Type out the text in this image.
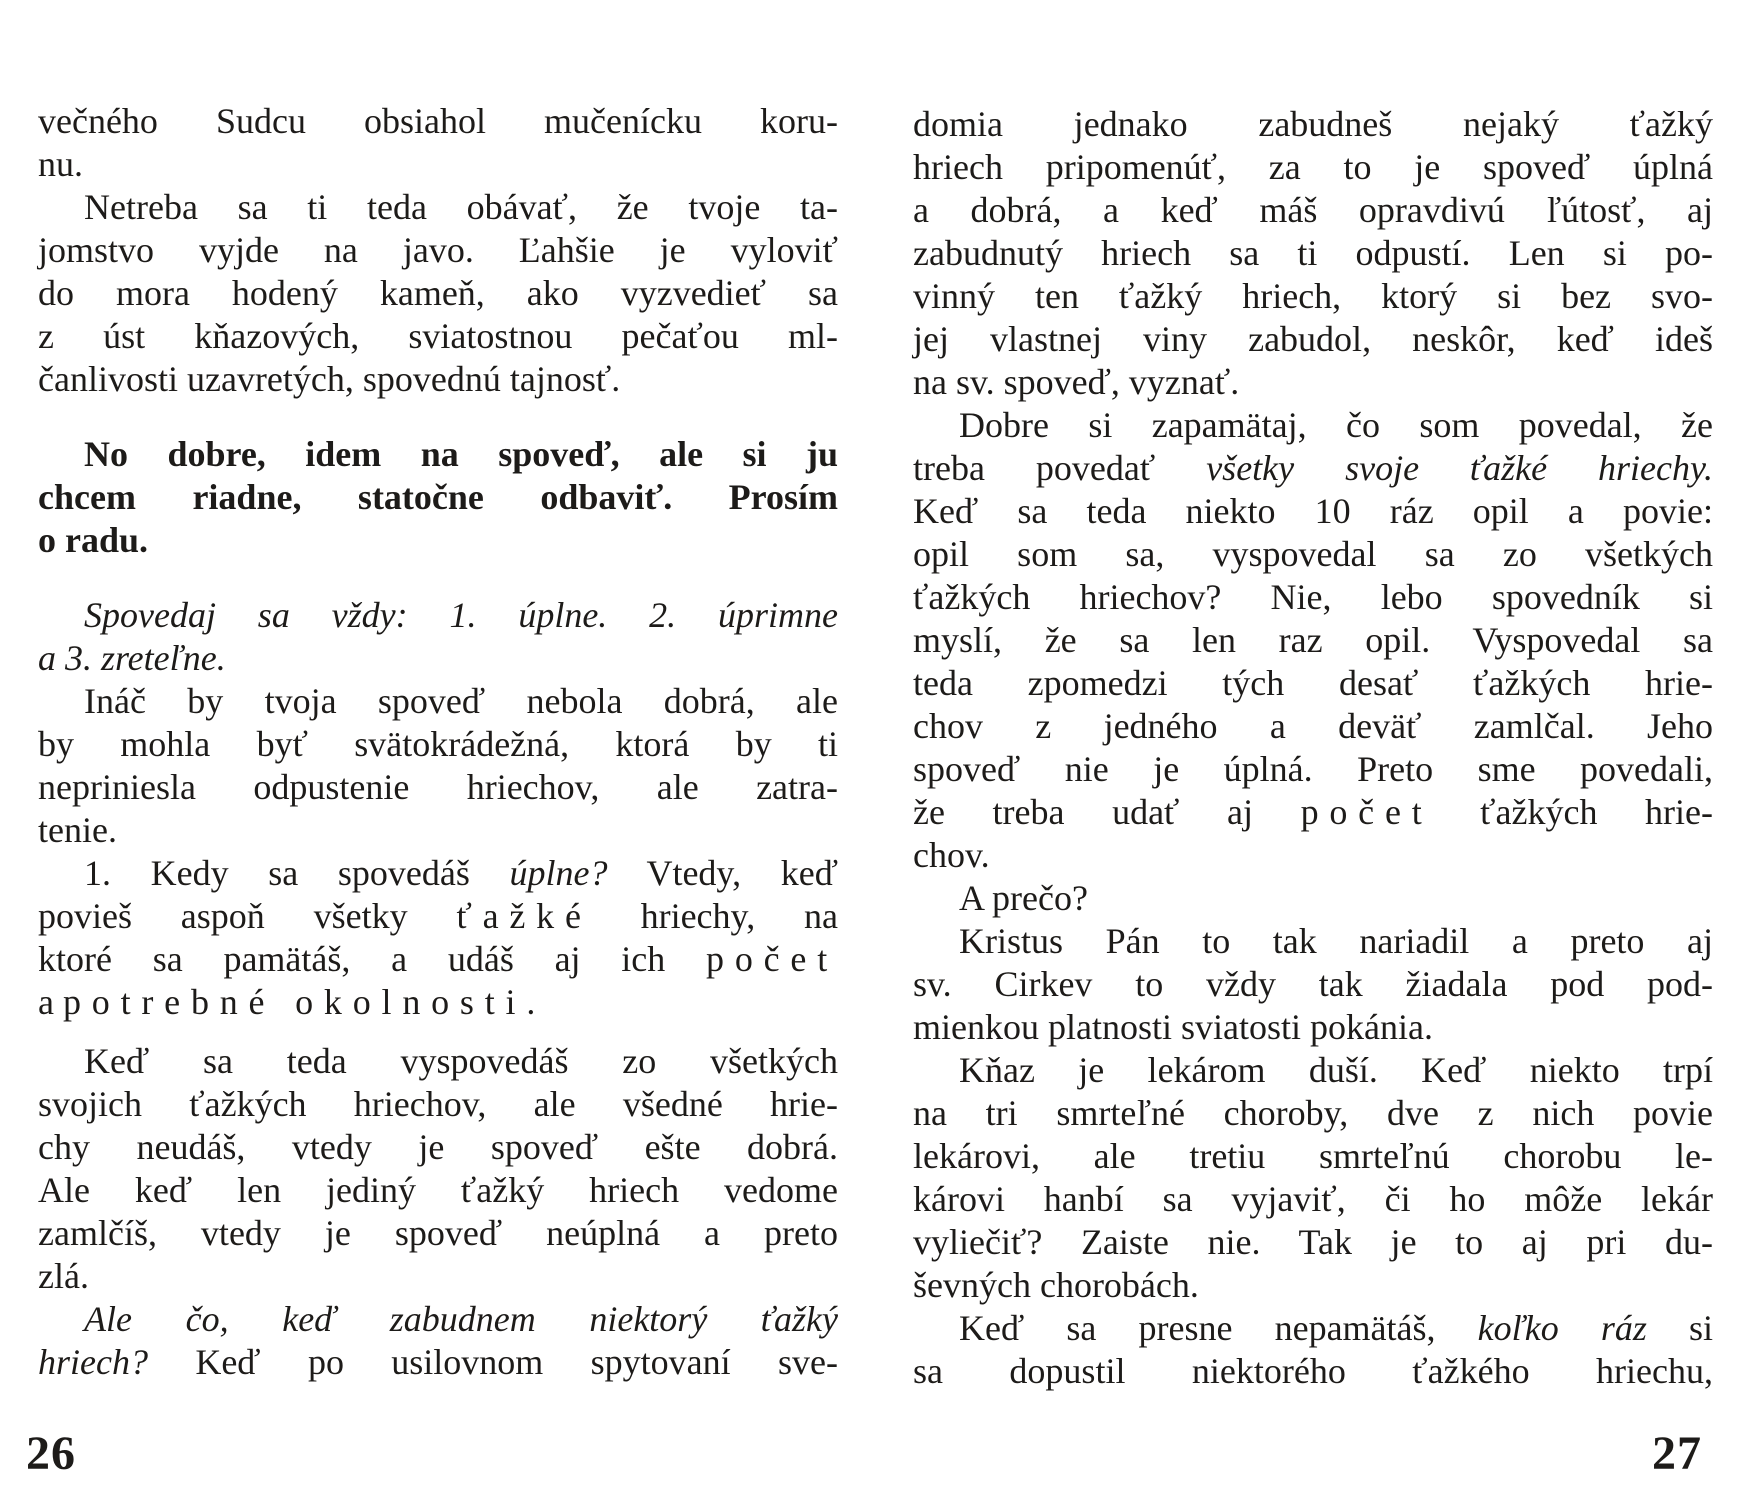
večného Sudcu obsiahol mučenícku koru-
nu.
Netreba sa ti teda obávať, že tvoje ta-
jomstvo vyjde na javo. Ľahšie je vyloviť
do mora hodený kameň, ako vyzvedieť sa
z úst kňazových, sviatostnou pečaťou ml-
čanlivosti uzavretých, spovednú tajnosť.
No dobre, idem na spoveď, ale si ju
chcem riadne, statočne odbaviť. Prosím
o radu.
Spovedaj sa vždy: 1. úplne. 2. úprimne
a 3. zreteľne.
Ináč by tvoja spoveď nebola dobrá, ale
by mohla byť svätokrádežná, ktorá by ti
nepriniesla odpustenie hriechov, ale zatra-
tenie.
1. Kedy sa spovedáš úplne? Vtedy, keď
povieš aspoň všetky ťažké hriechy, na
ktoré sa pamätáš, a udáš aj ich počet
a potrebné okolnosti.
Keď sa teda vyspovedáš zo všetkých
svojich ťažkých hriechov, ale všedné hrie-
chy neudáš, vtedy je spoveď ešte dobrá.
Ale keď len jediný ťažký hriech vedome
zamlčíš, vtedy je spoveď neúplná a preto
zlá.
Ale čo, keď zabudnem niektorý ťažký
hriech? Keď po usilovnom spytovaní sve-
domia jednako zabudneš nejaký ťažký
hriech pripomenúť, za to je spoveď úplná
a dobrá, a keď máš opravdivú ľútosť, aj
zabudnutý hriech sa ti odpustí. Len si po-
vinný ten ťažký hriech, ktorý si bez svo-
jej vlastnej viny zabudol, neskôr, keď ideš
na sv. spoveď, vyznať.
Dobre si zapamätaj, čo som povedal, že
treba povedať všetky svoje ťažké hriechy.
Keď sa teda niekto 10 ráz opil a povie:
opil som sa, vyspovedal sa zo všetkých
ťažkých hriechov? Nie, lebo spovedník si
myslí, že sa len raz opil. Vyspovedal sa
teda zpomedzi tých desať ťažkých hrie-
chov z jedného a deväť zamlčal. Jeho
spoveď nie je úplná. Preto sme povedali,
že treba udať aj počet ťažkých hrie-
chov.
A prečo?
Kristus Pán to tak nariadil a preto aj
sv. Cirkev to vždy tak žiadala pod pod-
mienkou platnosti sviatosti pokánia.
Kňaz je lekárom duší. Keď niekto trpí
na tri smrteľné choroby, dve z nich povie
lekárovi, ale tretiu smrteľnú chorobu le-
károvi hanbí sa vyjaviť, či ho môže lekár
vyliečiť? Zaiste nie. Tak je to aj pri du-
ševných chorobách.
Keď sa presne nepamätáš, koľko ráz si
sa dopustil niektorého ťažkého hriechu,
26	27
